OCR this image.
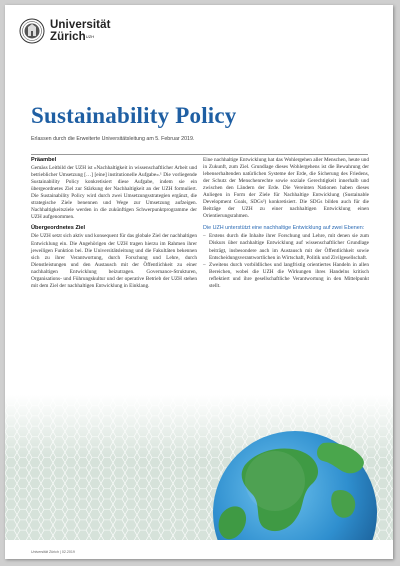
Universität
Zürich$^{UZH}$
Sustainability Policy
Erlassen durch die Erweiterte Universitätsleitung am 5. Februar 2019.
Präambel

Gemäss Leitbild der UZH ist «Nachhaltigkeit in wissenschaftlicher Arbeit und betrieblicher Umsetzung […] [eine] institutionelle Aufgabe».¹ Die vorliegende Sustainability Policy konkretisiert diese Aufgabe, indem sie ein übergeordnetes Ziel zur Stärkung der Nachhaltigkeit an der UZH formuliert. Die Sustainability Policy wird durch zwei Umsetzungsstrategien ergänzt, die strategische Ziele benennen und Wege zur Umsetzung aufzeigen. Nachhaltigkeitsziele werden in die zukünftigen Schwerpunktprogramme der UZH aufgenommen.

Übergeordnetes Ziel

Die UZH setzt sich aktiv und konsequent für das globale Ziel der nachhaltigen Entwicklung ein. Die Angehörigen der UZH tragen hierzu im Rahmen ihrer jeweiligen Funktion bei. Die Universitätsleitung und die Fakultäten bekennen sich zu ihrer Verantwortung, durch Forschung und Lehre, durch Dienstleistungen und den Austausch mit der Öffentlichkeit zu einer nachhaltigen Entwicklung beizutragen. Governance-Strukturen, Organisations- und Führungskultur und der operative Betrieb der UZH stehen mit dem Ziel der nachhaltigen Entwicklung in Einklang.

Eine nachhaltige Entwicklung hat das Wohlergehen aller Menschen, heute und in Zukunft, zum Ziel. Grundlage dieses Wohlergehens ist die Bewahrung der lebenserhaltenden natürlichen Systeme der Erde, die Sicherung des Friedens, der Schutz der Menschenrechte sowie soziale Gerechtigkeit innerhalb und zwischen den Ländern der Erde. Die Vereinten Nationen haben dieses Anliegen in Form der Ziele für Nachhaltige Entwicklung (Sustainable Development Goals, SDGs²) konkretisiert. Die SDGs bilden auch für die Beiträge der UZH zu einer nachhaltigen Entwicklung einen Orientierungsrahmen.

Die UZH unterstützt eine nachhaltige Entwicklung auf zwei Ebenen:
– Erstens durch die Inhalte ihrer Forschung und Lehre, mit denen sie zum Diskurs über nachhaltige Entwicklung auf wissenschaftlicher Grundlage beiträgt, insbesondere auch im Austausch mit der Öffentlichkeit sowie Entscheidungsverantwortlichen in Wirtschaft, Politik und Zivilgesellschaft.
– Zweitens durch vorbildliches und langfristig orientiertes Handeln in allen Bereichen, wobei die UZH die Wirkungen ihres Handelns kritisch reflektiert und ihre gesellschaftliche Verantwortung in den Mittelpunkt stellt.
Universität Zürich | 02.2019
